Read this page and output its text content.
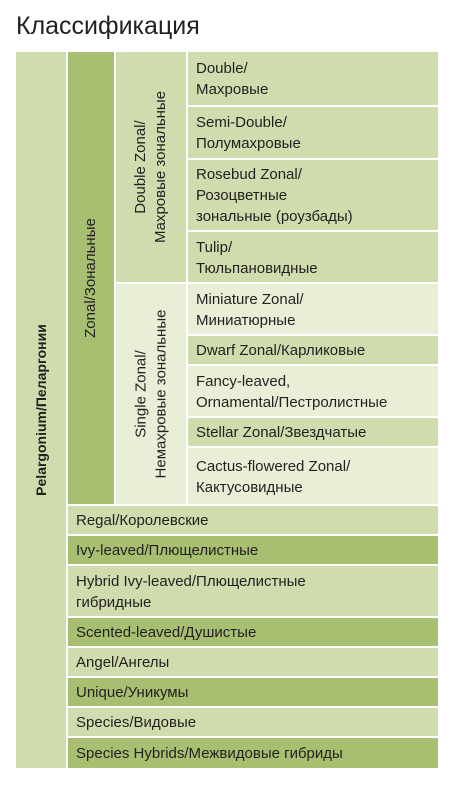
Классификация
Pelargonium/Пеларгонии
Zonal/Зональные
Double Zonal/ Махровые зональные
Single Zonal/ Немахровые зональные
Double/
Махровые
Semi-Double/
Полумахровые
Rosebud Zonal/
Розоцветные
зональные (роузбады)
Tulip/
Тюльпановидные
Miniature Zonal/
Миниатюрные
Dwarf Zonal/Карликовые
Fancy-leaved,
Ornamental/Пестролистные
Stellar Zonal/Звездчатые
Cactus-flowered Zonal/
Кактусовидные
Regal/Королевские
Ivy-leaved/Плющелистные
Hybrid Ivy-leaved/Плющелистные
гибридные
Scented-leaved/Душистые
Angel/Ангелы
Unique/Уникумы
Species/Видовые
Species Hybrids/Межвидовые гибриды
